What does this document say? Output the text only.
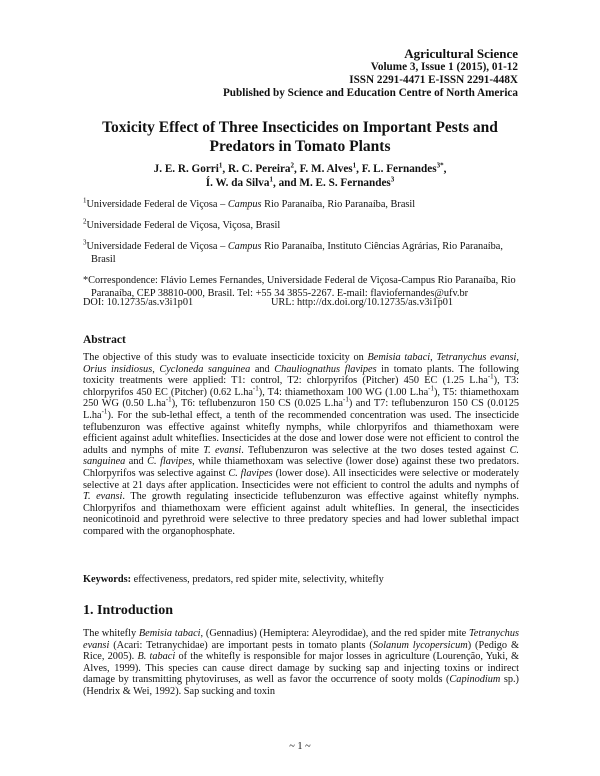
Agricultural Science
Volume 3, Issue 1 (2015), 01-12
ISSN 2291-4471 E-ISSN 2291-448X
Published by Science and Education Centre of North America
Toxicity Effect of Three Insecticides on Important Pests and
Predators in Tomato Plants
J. E. R. Gorri$^1$, R. C. Pereira$^2$, F. M. Alves$^1$, F. L. Fernandes$^{3*}$,
Í. W. da Silva$^1$, and M. E. S. Fernandes$^3$
$^1$Universidade Federal de Viçosa – Campus Rio Paranaíba, Rio Paranaíba, Brasil
$^2$Universidade Federal de Viçosa, Viçosa, Brasil
$^3$Universidade Federal de Viçosa – Campus Rio Paranaíba, Instituto Ciências Agrárias, Rio Paranaíba, Brasil
*Correspondence: Flávio Lemes Fernandes, Universidade Federal de Viçosa-Campus Rio Paranaíba, Rio Paranaíba, CEP 38810-000, Brasil. Tel: +55 34 3855-2267. E-mail: flaviofernandes@ufv.br
DOI: 10.12735/as.v3i1p01	URL: http://dx.doi.org/10.12735/as.v3i1p01
Abstract
The objective of this study was to evaluate insecticide toxicity on Bemisia tabaci, Tetranychus evansi, Orius insidiosus, Cycloneda sanguinea and Chauliognathus flavipes in tomato plants. The following toxicity treatments were applied: T1: control, T2: chlorpyrifos (Pitcher) 450 EC (1.25 $L.ha^{-1}$), T3: chlorpyrifos 450 EC (Pitcher) (0.62 $L.ha^{-1}$), T4: thiamethoxam 100 WG (1.00 $L.ha^{-1}$), T5: thiamethoxam 250 WG (0.50 $L.ha^{-1}$), T6: teflubenzuron 150 CS (0.025 $L.ha^{-1}$) and T7: teflubenzuron 150 CS (0.0125 $L.ha^{-1}$). For the sub-lethal effect, a tenth of the recommended concentration was used. The insecticide teflubenzuron was effective against whitefly nymphs, while chlorpyrifos and thiamethoxam were efficient against adult whiteflies. Insecticides at the dose and lower dose were not efficient to control the adults and nymphs of mite T. evansi. Teflubenzuron was selective at the two doses tested against C. sanguinea and C. flavipes, while thiamethoxam was selective (lower dose) against these two predators. Chlorpyrifos was selective against C. flavipes (lower dose). All insecticides were selective or moderately selective at 21 days after application. Insecticides were not efficient to control the adults and nymphs of T. evansi. The growth regulating insecticide teflubenzuron was effective against whitefly nymphs. Chlorpyrifos and thiamethoxam were efficient against adult whiteflies. In general, the insecticides neonicotinoid and pyrethroid were selective to three predatory species and had lower sublethal impact compared with the organophosphate.
Keywords: effectiveness, predators, red spider mite, selectivity, whitefly
1. Introduction
The whitefly Bemisia tabaci, (Gennadius) (Hemiptera: Aleyrodidae), and the red spider mite Tetranychus evansi (Acari: Tetranychidae) are important pests in tomato plants (Solanum lycopersicum) (Pedigo & Rice, 2005). B. tabaci of the whitefly is responsible for major losses in agriculture (Lourenção, Yuki, & Alves, 1999). This species can cause direct damage by sucking sap and injecting toxins or indirect damage by transmitting phytoviruses, as well as favor the occurrence of sooty molds (Capinodium sp.) (Hendrix & Wei, 1992). Sap sucking and toxin
~ 1 ~
